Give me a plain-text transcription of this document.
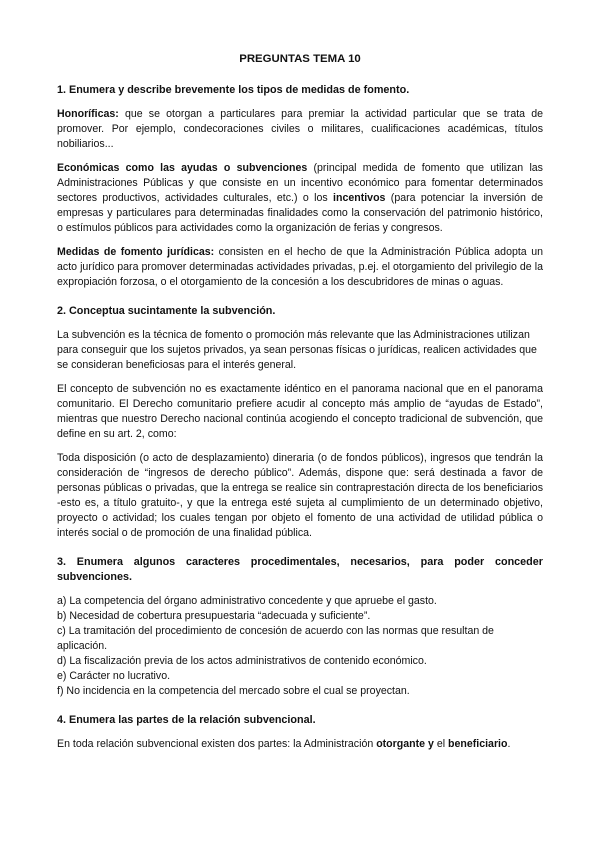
PREGUNTAS TEMA 10
1. Enumera y describe brevemente los tipos de medidas de fomento.
Honoríficas: que se otorgan a particulares para premiar la actividad particular que se trata de promover. Por ejemplo, condecoraciones civiles o militares, cualificaciones académicas, títulos nobiliarios...
Económicas como las ayudas o subvenciones (principal medida de fomento que utilizan las Administraciones Públicas y que consiste en un incentivo económico para fomentar determinados sectores productivos, actividades culturales, etc.) o los incentivos (para potenciar la inversión de empresas y particulares para determinadas finalidades como la conservación del patrimonio histórico, o estímulos públicos para actividades como la organización de ferias y congresos.
Medidas de fomento jurídicas: consisten en el hecho de que la Administración Pública adopta un acto jurídico para promover determinadas actividades privadas, p.ej. el otorgamiento del privilegio de la expropiación forzosa, o el otorgamiento de la concesión a los descubridores de minas o aguas.
2. Conceptua sucintamente la subvención.
La subvención es la técnica de fomento o promoción más relevante que las Administraciones utilizan para conseguir que los sujetos privados, ya sean personas físicas o jurídicas, realicen actividades que se consideran beneficiosas para el interés general.
El concepto de subvención no es exactamente idéntico en el panorama nacional que en el panorama comunitario. El Derecho comunitario prefiere acudir al concepto más amplio de “ayudas de Estado”, mientras que nuestro Derecho nacional continúa acogiendo el concepto tradicional de subvención, que define en su art. 2, como:
Toda disposición (o acto de desplazamiento) dineraria (o de fondos públicos), ingresos que tendrán la consideración de “ingresos de derecho público”. Además, dispone que: será destinada a favor de personas públicas o privadas, que la entrega se realice sin contraprestación directa de los beneficiarios -esto es, a título gratuito-, y que la entrega esté sujeta al cumplimiento de un determinado objetivo, proyecto o actividad; los cuales tengan por objeto el fomento de una actividad de utilidad pública o interés social o de promoción de una finalidad pública.
3. Enumera algunos caracteres procedimentales, necesarios, para poder conceder subvenciones.
a) La competencia del órgano administrativo concedente y que apruebe el gasto.
b) Necesidad de cobertura presupuestaria “adecuada y suficiente”.
c) La tramitación del procedimiento de concesión de acuerdo con las normas que resultan de aplicación.
d) La fiscalización previa de los actos administrativos de contenido económico.
e) Carácter no lucrativo.
f) No incidencia en la competencia del mercado sobre el cual se proyectan.
4. Enumera las partes de la relación subvencional.
En toda relación subvencional existen dos partes: la Administración otorgante y el beneficiario.
